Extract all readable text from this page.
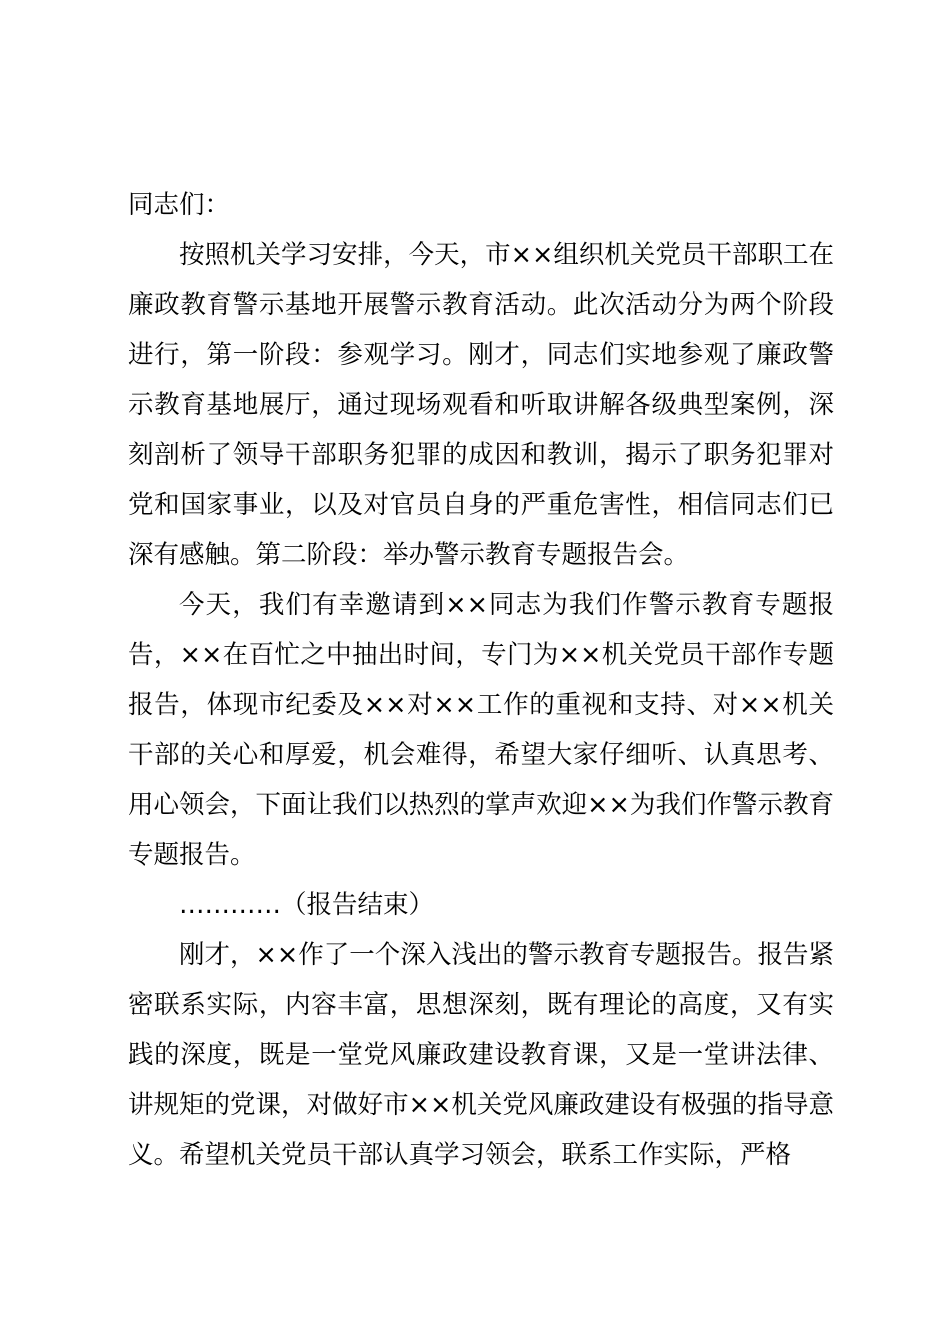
同志们：

按照机关学习安排，今天，市××组织机关党员干部职工在廉政教育警示基地开展警示教育活动。此次活动分为两个阶段进行，第一阶段：参观学习。刚才，同志们实地参观了廉政警示教育基地展厅，通过现场观看和听取讲解各级典型案例，深刻剖析了领导干部职务犯罪的成因和教训，揭示了职务犯罪对党和国家事业，以及对官员自身的严重危害性，相信同志们已深有感触。第二阶段：举办警示教育专题报告会。

今天，我们有幸邀请到××同志为我们作警示教育专题报告，××在百忙之中抽出时间，专门为××机关党员干部作专题报告，体现市纪委及××对××工作的重视和支持、对××机关干部的关心和厚爱，机会难得，希望大家仔细听、认真思考、用心领会，下面让我们以热烈的掌声欢迎××为我们作警示教育专题报告。

…………（报告结束）

刚才，××作了一个深入浅出的警示教育专题报告。报告紧密联系实际，内容丰富，思想深刻，既有理论的高度，又有实践的深度，既是一堂党风廉政建设教育课，又是一堂讲法律、讲规矩的党课，对做好市××机关党风廉政建设有极强的指导意义。希望机关党员干部认真学习领会，联系工作实际，严格
